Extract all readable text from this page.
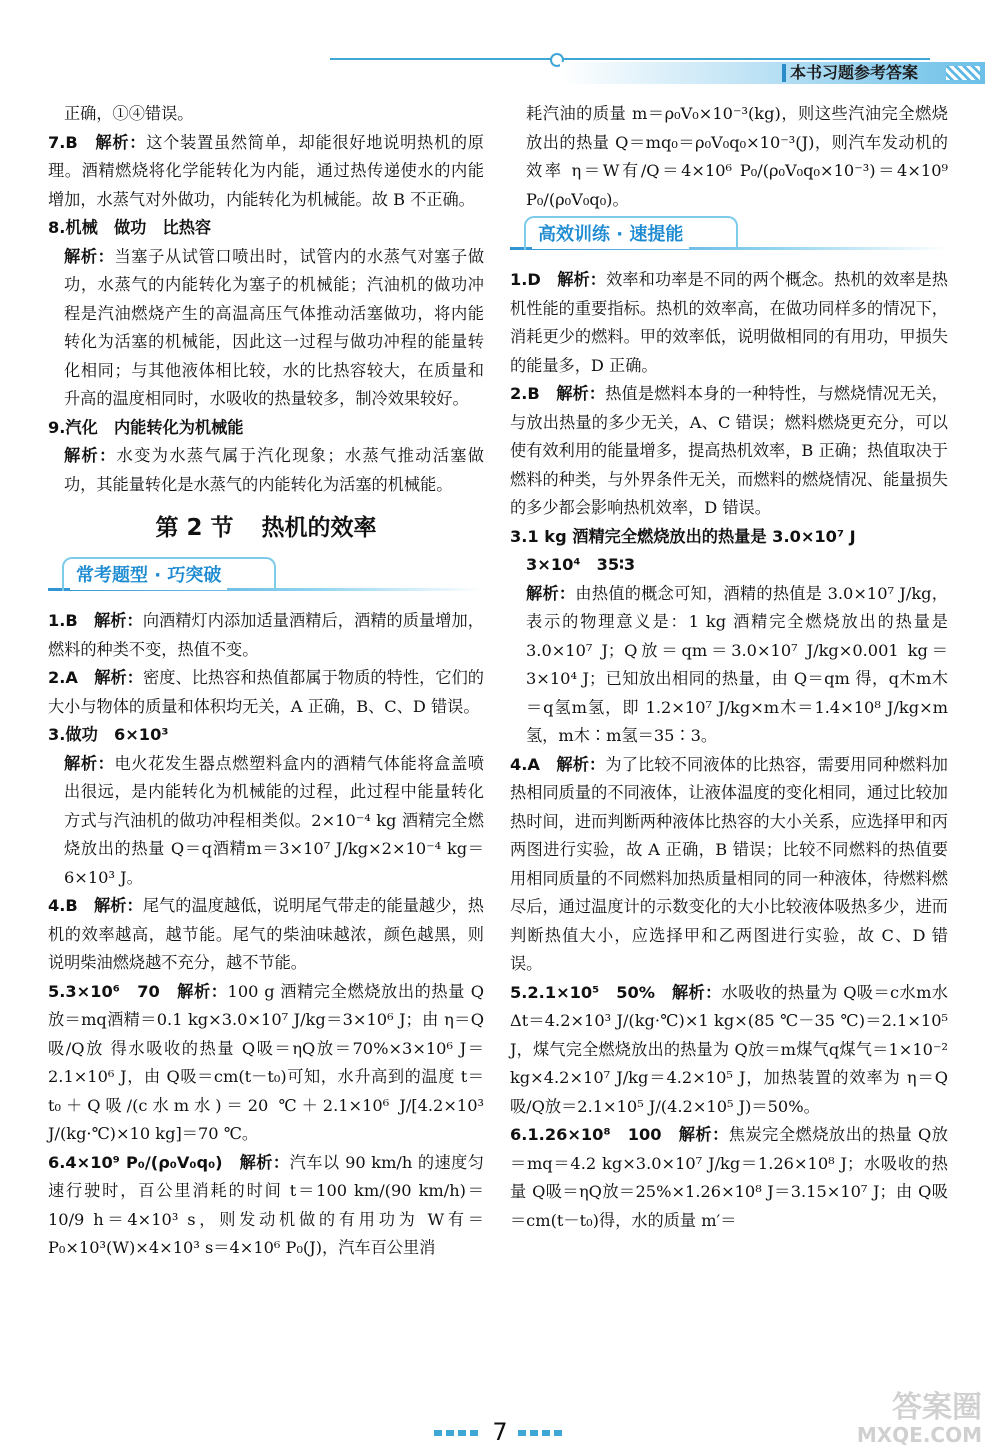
本书习题参考答案

正确，①④错误。

7.B　解析：这个装置虽然简单，却能很好地说明热机的原理。酒精燃烧将化学能转化为内能，通过热传递使水的内能增加，水蒸气对外做功，内能转化为机械能。故 B 不正确。

8.机械　做功　比热容

解析：当塞子从试管口喷出时，试管内的水蒸气对塞子做功，水蒸气的内能转化为塞子的机械能；汽油机的做功冲程是汽油燃烧产生的高温高压气体推动活塞做功，将内能转化为活塞的机械能，因此这一过程与做功冲程的能量转化相同；与其他液体相比较，水的比热容较大，在质量和升高的温度相同时，水吸收的热量较多，制冷效果较好。

9.汽化　内能转化为机械能

解析：水变为水蒸气属于汽化现象；水蒸气推动活塞做功，其能量转化是水蒸气的内能转化为活塞的机械能。

第 2 节 热机的效率
常考题型 · 巧突破

1.B　解析：向酒精灯内添加适量酒精后，酒精的质量增加，燃料的种类不变，热值不变。

2.A　解析：密度、比热容和热值都属于物质的特性，它们的大小与物体的质量和体积均无关，A 正确，B、C、D 错误。

3.做功　6×10³

解析：电火花发生器点燃塑料盒内的酒精气体能将盒盖喷出很远，是内能转化为机械能的过程，此过程中能量转化方式与汽油机的做功冲程相类似。2×10⁻⁴ kg 酒精完全燃烧放出的热量 Q＝q酒精m＝3×10⁷ J/kg×2×10⁻⁴ kg＝6×10³ J。

4.B　解析：尾气的温度越低，说明尾气带走的能量越少，热机的效率越高，越节能。尾气的柴油味越浓，颜色越黑，则说明柴油燃烧越不充分，越不节能。

5.3×10⁶　70　解析：100 g 酒精完全燃烧放出的热量 Q放＝mq酒精＝0.1 kg×3.0×10⁷ J/kg＝3×10⁶ J；由 η＝Q吸/Q放 得水吸收的热量 Q吸＝ηQ放＝70%×3×10⁶ J＝2.1×10⁶ J，由 Q吸＝cm(t－t₀)可知，水升高到的温度 t＝t₀＋Q吸/(c水m水)＝20 ℃＋2.1×10⁶ J/[4.2×10³ J/(kg·℃)×10 kg]＝70 ℃。

6.4×10⁹ P₀/(ρ₀V₀q₀)　解析：汽车以 90 km/h 的速度匀速行驶时，百公里消耗的时间 t＝100 km/(90 km/h)＝10/9 h＝4×10³ s，则发动机做的有用功为 W有＝P₀×10³(W)×4×10³ s＝4×10⁶ P₀(J)，汽车百公里消

耗汽油的质量 m＝ρ₀V₀×10⁻³(kg)，则这些汽油完全燃烧放出的热量 Q＝mq₀＝ρ₀V₀q₀×10⁻³(J)，则汽车发动机的效率 η＝W有/Q＝4×10⁶ P₀/(ρ₀V₀q₀×10⁻³)＝4×10⁹ P₀/(ρ₀V₀q₀)。

高效训练 · 速提能

1.D　解析：效率和功率是不同的两个概念。热机的效率是热机性能的重要指标。热机的效率高，在做功同样多的情况下，消耗更少的燃料。甲的效率低，说明做相同的有用功，甲损失的能量多，D 正确。

2.B　解析：热值是燃料本身的一种特性，与燃烧情况无关，与放出热量的多少无关，A、C 错误；燃料燃烧更充分，可以使有效利用的能量增多，提高热机效率，B 正确；热值取决于燃料的种类，与外界条件无关，而燃料的燃烧情况、能量损失的多少都会影响热机效率，D 错误。

3.1 kg 酒精完全燃烧放出的热量是 3.0×10⁷ J

3×10⁴　35∶3

解析：由热值的概念可知，酒精的热值是 3.0×10⁷ J/kg，表示的物理意义是：1 kg 酒精完全燃烧放出的热量是 3.0×10⁷ J；Q放＝qm＝3.0×10⁷ J/kg×0.001 kg＝3×10⁴ J；已知放出相同的热量，由 Q＝qm 得，q木m木＝q氢m氢，即 1.2×10⁷ J/kg×m木＝1.4×10⁸ J/kg×m氢，m木∶m氢＝35∶3。

4.A　解析：为了比较不同液体的比热容，需要用同种燃料加热相同质量的不同液体，让液体温度的变化相同，通过比较加热时间，进而判断两种液体比热容的大小关系，应选择甲和丙两图进行实验，故 A 正确，B 错误；比较不同燃料的热值要用相同质量的不同燃料加热质量相同的同一种液体，待燃料燃尽后，通过温度计的示数变化的大小比较液体吸热多少，进而判断热值大小，应选择甲和乙两图进行实验，故 C、D 错误。

5.2.1×10⁵　50%　解析：水吸收的热量为 Q吸＝c水m水Δt＝4.2×10³ J/(kg·℃)×1 kg×(85 ℃－35 ℃)＝2.1×10⁵ J，煤气完全燃烧放出的热量为 Q放＝m煤气q煤气＝1×10⁻² kg×4.2×10⁷ J/kg＝4.2×10⁵ J，加热装置的效率为 η＝Q吸/Q放＝2.1×10⁵ J/(4.2×10⁵ J)＝50%。

6.1.26×10⁸　100　解析：焦炭完全燃烧放出的热量 Q放＝mq＝4.2 kg×3.0×10⁷ J/kg＝1.26×10⁸ J；水吸收的热量 Q吸＝ηQ放＝25%×1.26×10⁸ J＝3.15×10⁷ J；由 Q吸＝cm(t－t₀)得，水的质量 m′＝

7
答案圈
MXQE.COM
